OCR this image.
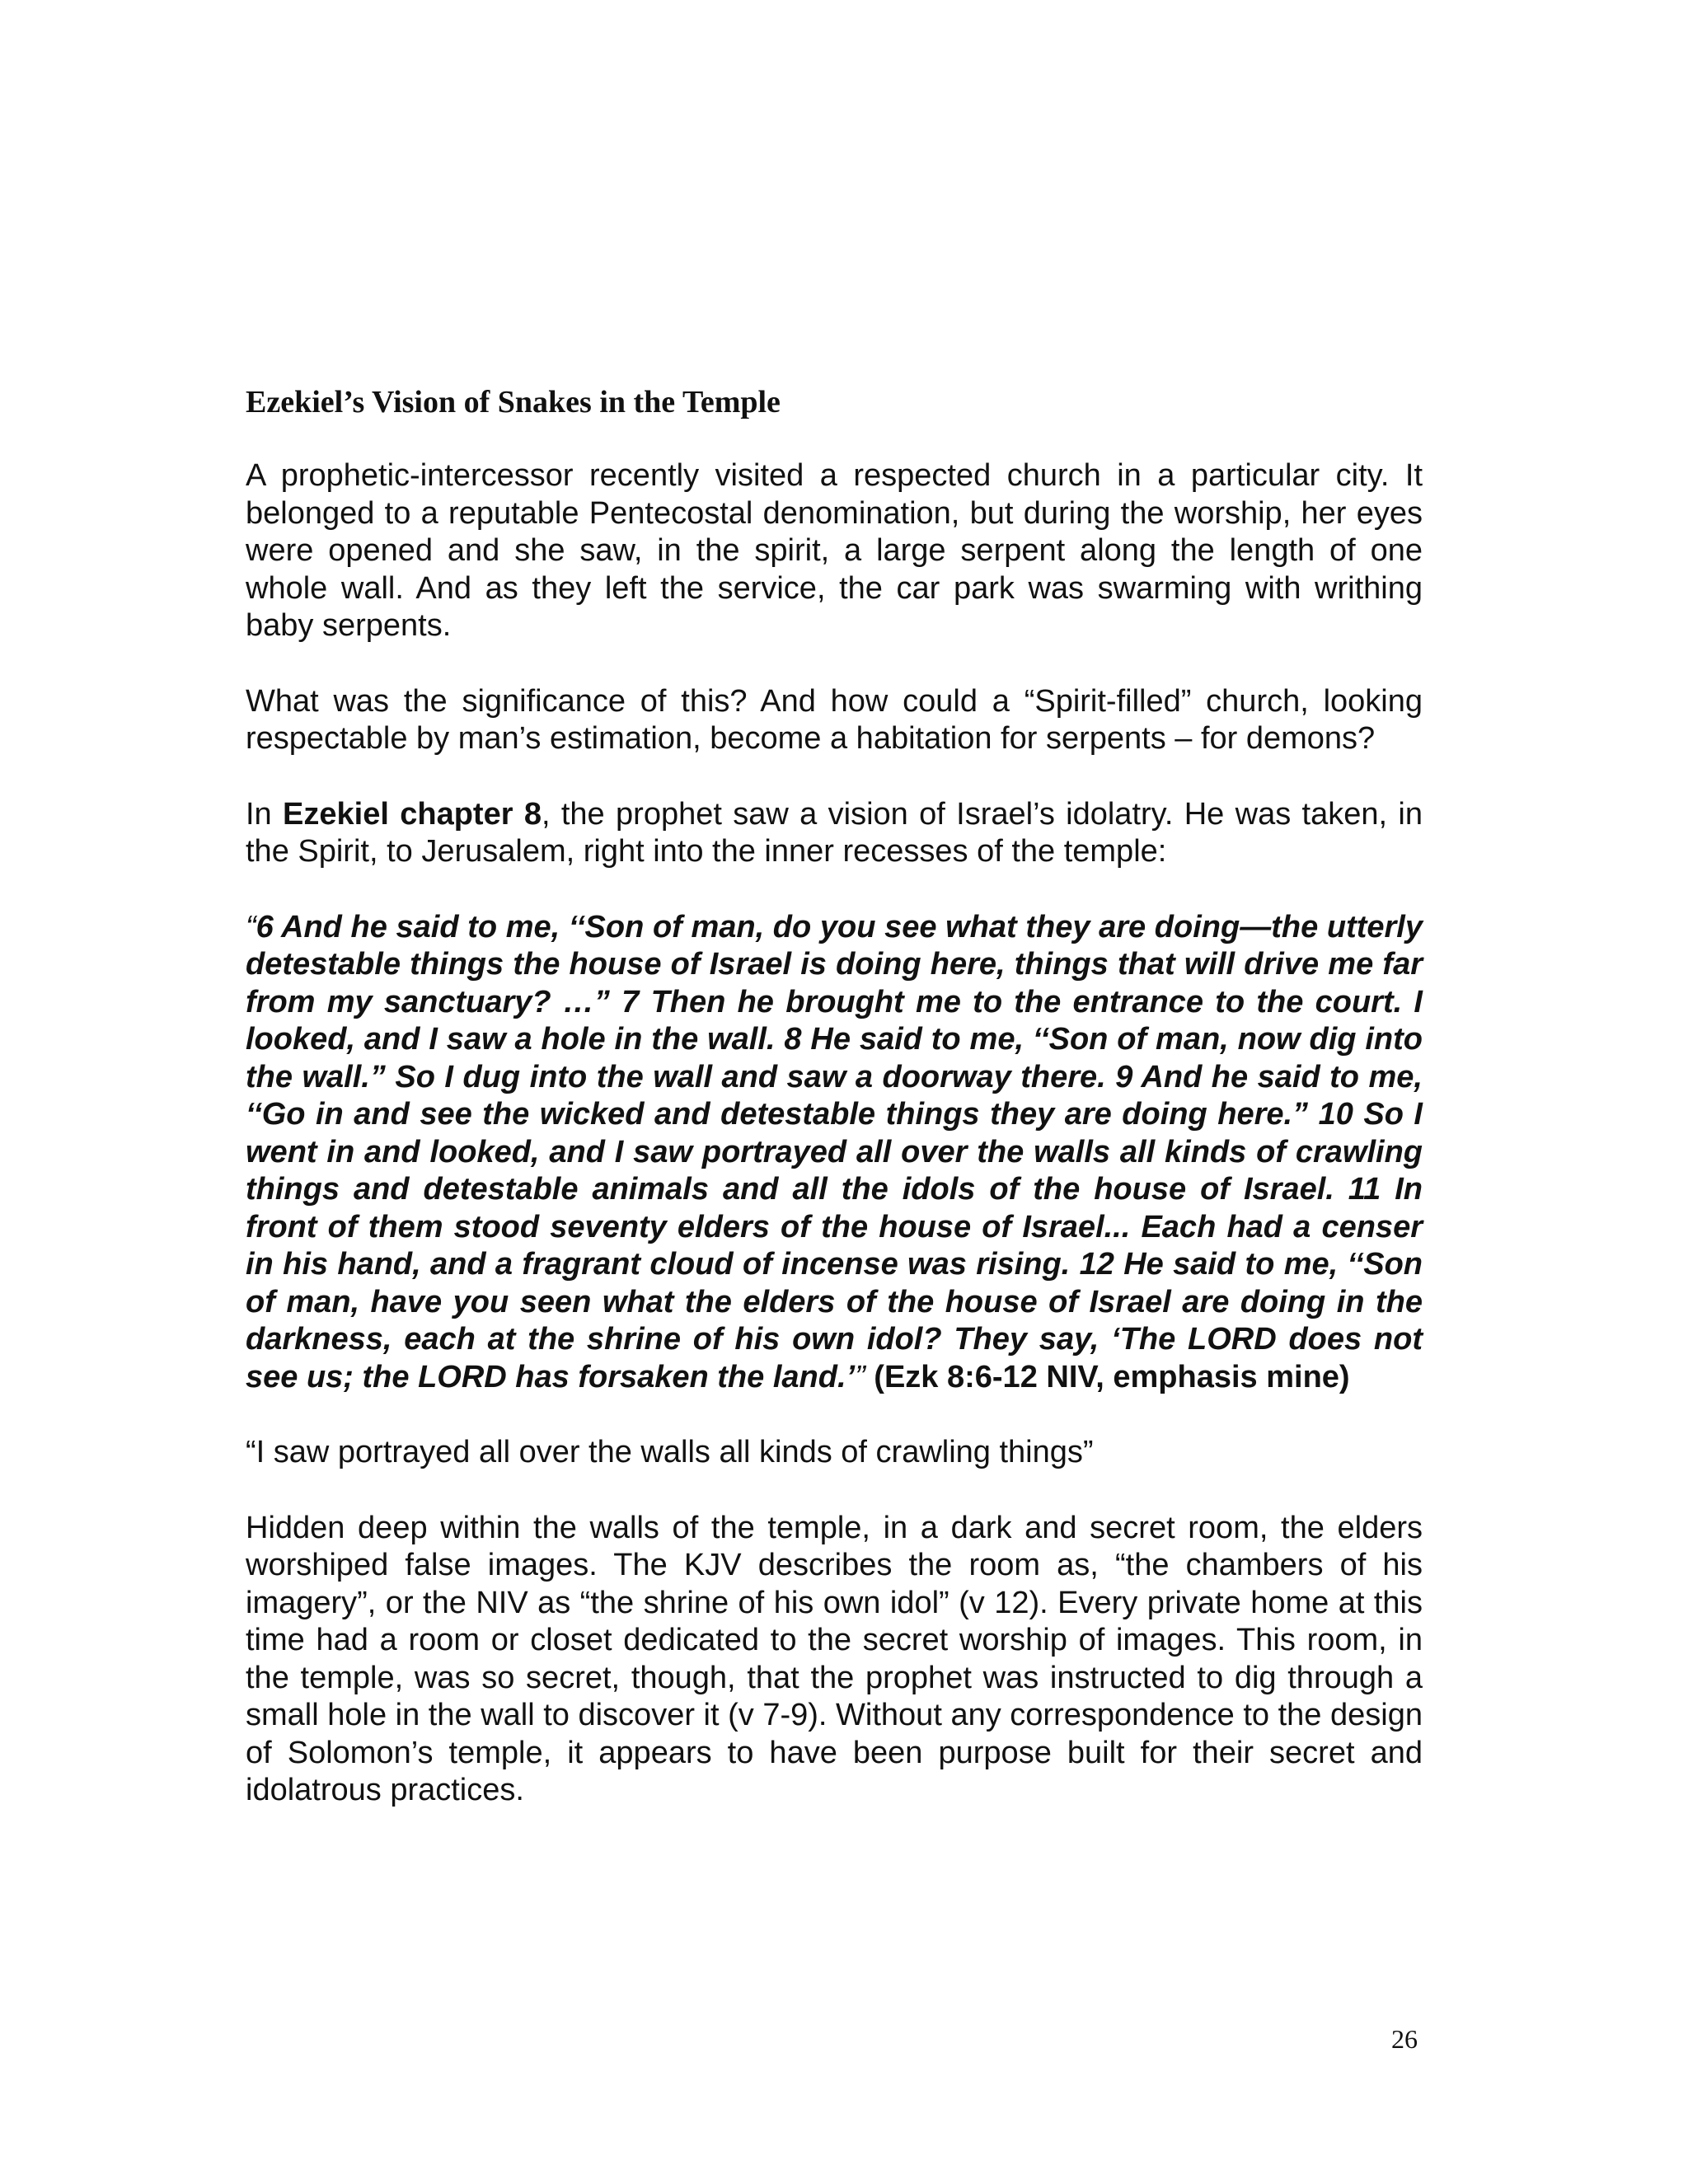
Ezekiel’s Vision of Snakes in the Temple

A prophetic-intercessor recently visited a respected church in a particular city. It belonged to a reputable Pentecostal denomination, but during the worship, her eyes were opened and she saw, in the spirit, a large serpent along the length of one whole wall. And as they left the service, the car park was swarming with writhing baby serpents.

What was the significance of this? And how could a “Spirit-filled” church, looking respectable by man’s estimation, become a habitation for serpents – for demons?

In Ezekiel chapter 8, the prophet saw a vision of Israel’s idolatry. He was taken, in the Spirit, to Jerusalem, right into the inner recesses of the temple:

“6 And he said to me, ‘‘Son of man, do you see what they are doing—the utterly detestable things the house of Israel is doing here, things that will drive me far from my sanctuary? …” 7 Then he brought me to the entrance to the court. I looked, and I saw a hole in the wall. 8 He said to me, ‘‘Son of man, now dig into the wall.” So I dug into the wall and saw a doorway there. 9 And he said to me, ‘‘Go in and see the wicked and detestable things they are doing here.” 10 So I went in and looked, and I saw portrayed all over the walls all kinds of crawling things and detestable animals and all the idols of the house of Israel. 11 In front of them stood seventy elders of the house of Israel... Each had a censer in his hand, and a fragrant cloud of incense was rising. 12 He said to me, ‘‘Son of man, have you seen what the elders of the house of Israel are doing in the darkness, each at the shrine of his own idol? They say, ‘The LORD does not see us; the LORD has forsaken the land.’” (Ezk 8:6-12 NIV, emphasis mine)

“I saw portrayed all over the walls all kinds of crawling things”

Hidden deep within the walls of the temple, in a dark and secret room, the elders worshiped false images. The KJV describes the room as, “the chambers of his imagery”, or the NIV as “the shrine of his own idol” (v 12). Every private home at this time had a room or closet dedicated to the secret worship of images. This room, in the temple, was so secret, though, that the prophet was instructed to dig through a small hole in the wall to discover it (v 7-9). Without any correspondence to the design of Solomon’s temple, it appears to have been purpose built for their secret and idolatrous practices.

26
